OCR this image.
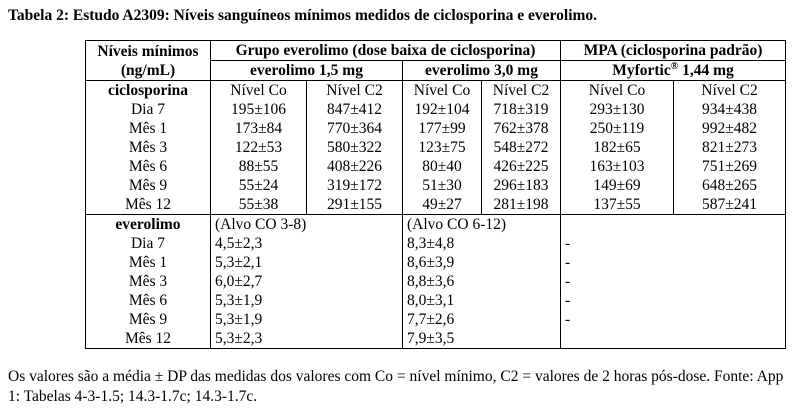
Tabela 2: Estudo A2309: Níveis sanguíneos mínimos medidos de ciclosporina e everolimo.
Níveis mínimos
(ng/mL)	Grupo everolimo (dose baixa de ciclosporina)				MPA (ciclosporina padrão)	
	everolimo 1,5 mg		everolimo 3,0 mg		Myfortic® 1,44 mg	
ciclosporina	Nível Co	Nível C2	Nível Co	Nível C2	Nível Co	Nível C2
Dia 7	195±106	847±412	192±104	718±319	293±130	934±438
Mês 1	173±84	770±364	177±99	762±378	250±119	992±482
Mês 3	122±53	580±322	123±75	548±272	182±65	821±273
Mês 6	88±55	408±226	80±40	426±225	163±103	751±269
Mês 9	55±24	319±172	51±30	296±183	149±69	648±265
Mês 12	55±38	291±155	49±27	281±198	137±55	587±241
everolimo	(Alvo CO 3-8)		(Alvo CO 6-12)			
Dia 7	4,5±2,3		8,3±4,8		-	
Mês 1	5,3±2,1		8,6±3,9		-	
Mês 3	6,0±2,7		8,8±3,6		-	
Mês 6	5,3±1,9		8,0±3,1		-	
Mês 9	5,3±1,9		7,7±2,6		-	
Mês 12	5,3±2,3		7,9±3,5			
Os valores são a média ± DP das medidas dos valores com Co = nível mínimo, C2 = valores de 2 horas pós-dose. Fonte: App 1: Tabelas 4-3-1.5; 14.3-1.7c; 14.3-1.7c.
